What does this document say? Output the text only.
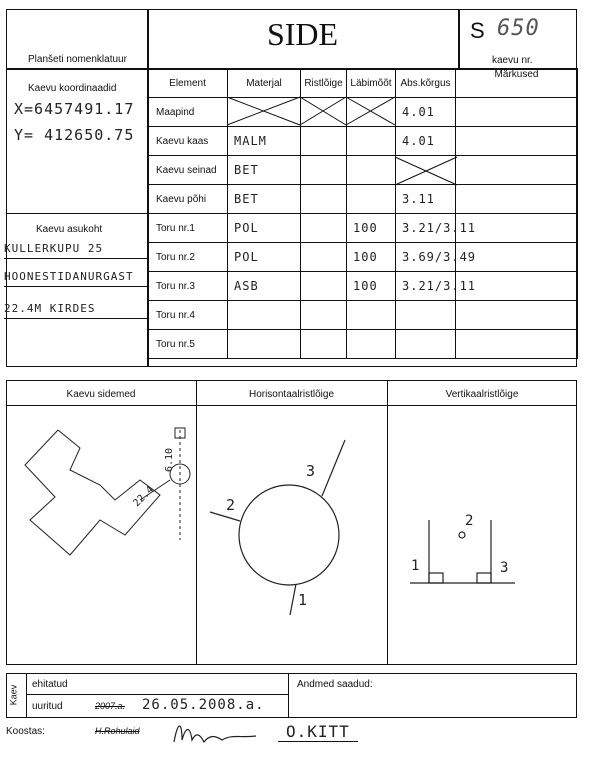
Planšeti nomenklatuur
SIDE	S 650
kaevu nr.
Kaevu koordinaadid
X=6457491.17
Y= 412650.75
Kaevu asukoht
KULLERKUPU 25
HOONESTIDANURGAST
22.4M KIRDES
Element	Materjal	Ristlõige	Läbimõõt	Abs.kõrgus	Märkused
Maapind				4.01	
Kaevu kaas	MALM			4.01	
Kaevu seinad	BET				
Kaevu põhi	BET			3.11	
Toru nr.1	POL		100	3.21/3.11	
Toru nr.2	POL		100	3.69/3.49	
Toru nr.3	ASB		100	3.21/3.11	
Toru nr.4					
Toru nr.5					
Kaevu sidemed	Horisontaalristlõige	Vertikaalristlõige
22.4
6.10	3
2
1
1
2
3
Kaev
ehitatud
uuritud	2007.a. 26.05.2008.a.
Andmed saadud:
Koostas:	H.Rohulaid	O.KITT
